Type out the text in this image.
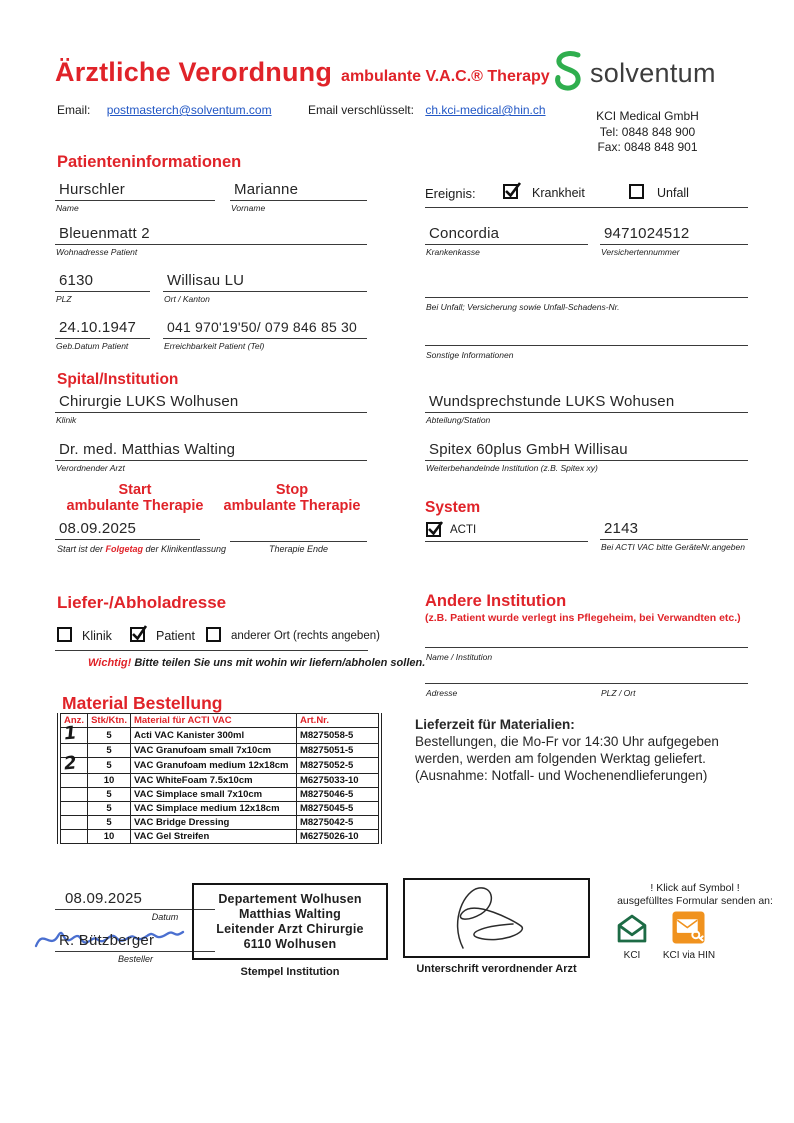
Ärztliche Verordnung ambulante V.A.C.® Therapy solventum
Email: postmasterch@solventum.com	Email verschlüsselt: ch.kci-medical@hin.ch	KCI Medical GmbH
Tel: 0848 848 900
Fax: 0848 848 901
Patienteninformationen
Hurschler
Name
Marianne
Vorname
Ereignis:	Krankheit	Unfall
Bleuenmatt 2
Wohnadresse Patient
Concordia
Krankenkasse
9471024512
Versichertennummer
6130
PLZ
Willisau LU
Ort / Kanton
Bei Unfall; Versicherung sowie Unfall-Schadens-Nr.
24.10.1947
Geb.Datum Patient
041 970'19'50/ 079 846 85 30
Erreichbarkeit Patient (Tel)
Sonstige Informationen
Spital/Institution
Chirurgie LUKS Wolhusen
Klinik
Wundsprechstunde LUKS Wohusen
Abteilung/Station
Dr. med. Matthias Walting
Verordnender Arzt
Spitex 60plus GmbH Willisau
Weiterbehandelnde Institution (z.B. Spitex xy)
Start
ambulante Therapie
Stop
ambulante Therapie
08.09.2025
Start ist der Folgetag der Klinikentlassung	Therapie Ende
System
ACTI	2143
Bei ACTI VAC bitte GeräteNr.angeben
Liefer-/Abholadresse
Klinik	Patient	anderer Ort (rechts angeben)
Wichtig! Bitte teilen Sie uns mit wohin wir liefern/abholen sollen.
Andere Institution
(z.B. Patient wurde verlegt ins Pflegeheim, bei Verwandten etc.)
Name / Institution
Adresse	PLZ / Ort
Material Bestellung
Anz.	Stk/Ktn.	Material für ACTI VAC	Art.Nr.
1	5	Acti VAC Kanister 300ml	M8275058-5
	5	VAC Granufoam small 7x10cm	M8275051-5
2	5	VAC Granufoam medium 12x18cm	M8275052-5
	10	VAC WhiteFoam 7.5x10cm	M6275033-10
	5	VAC Simplace small 7x10cm	M8275046-5
	5	VAC Simplace medium 12x18cm	M8275045-5
	5	VAC Bridge Dressing	M8275042-5
	10	VAC Gel Streifen	M6275026-10
Lieferzeit für Materialien:
Bestellungen, die Mo-Fr vor 14:30 Uhr aufgegeben
werden, werden am folgenden Werktag geliefert.
(Ausnahme: Notfall- und Wochenendlieferungen)
08.09.2025
Datum
R. Bützberger
Besteller
Departement Wolhusen
Matthias Walting
Leitender Arzt Chirurgie
6110 Wolhusen
Stempel Institution	Unterschrift verordnender Arzt
! Klick auf Symbol !
ausgefülltes Formular senden an:
KCI	KCI via HIN
